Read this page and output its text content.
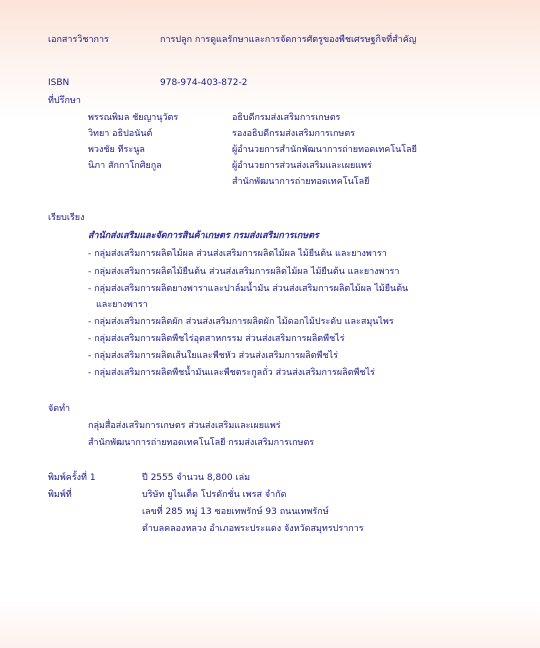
เอกสารวิชาการ	การปลูก การดูแลรักษาและการจัดการศัตรูของพืชเศรษฐกิจที่สำคัญ
ISBN	978-974-403-872-2
ที่ปรึกษา
พรรณพิมล ชัยญานุวัตร	อธิบดีกรมส่งเสริมการเกษตร
วิทยา อธิปอนันต์	รองอธิบดีกรมส่งเสริมการเกษตร
พวงชัย ทีระนูล	ผู้อำนวยการสำนักพัฒนาการถ่ายทอดเทคโนโลยี
นิภา สักกาโกศิยกูล	ผู้อำนวยการส่วนส่งเสริมและเผยแพร่
สำนักพัฒนาการถ่ายทอดเทคโนโลยี
เรียบเรียง
สำนักส่งเสริมและจัดการสินค้าเกษตร กรมส่งเสริมการเกษตร
- กลุ่มส่งเสริมการผลิตไม้ผล ส่วนส่งเสริมการผลิตไม้ผล ไม้ยืนต้น และยางพารา
- กลุ่มส่งเสริมการผลิตไม้ยืนต้น ส่วนส่งเสริมการผลิตไม้ผล ไม้ยืนต้น และยางพารา
- กลุ่มส่งเสริมการผลิตยางพาราและปาล์มน้ำมัน ส่วนส่งเสริมการผลิตไม้ผล ไม้ยืนต้น
และยางพารา
- กลุ่มส่งเสริมการผลิตผัก ส่วนส่งเสริมการผลิตผัก ไม้ดอกไม้ประดับ และสมุนไพร
- กลุ่มส่งเสริมการผลิตพืชไร่อุตสาหกรรม ส่วนส่งเสริมการผลิตพืชไร่
- กลุ่มส่งเสริมการผลิตเส้นใยและพืชหัว ส่วนส่งเสริมการผลิตพืชไร่
- กลุ่มส่งเสริมการผลิตพืชน้ำมันและพืชตระกูลถั่ว ส่วนส่งเสริมการผลิตพืชไร่
จัดทำ
กลุ่มสื่อส่งเสริมการเกษตร ส่วนส่งเสริมและเผยแพร่
สำนักพัฒนาการถ่ายทอดเทคโนโลยี กรมส่งเสริมการเกษตร
พิมพ์ครั้งที่ 1	ปี 2555 จำนวน 8,800 เล่ม
พิมพ์ที่	บริษัท ยูไนเต็ด โปรดักชั่น เพรส จำกัด
เลขที่ 285 หมู่ 13 ซอยเทพรักษ์ 93 ถนนเทพรักษ์
ตำบลคลองหลวง อำเภอพระประแดง จังหวัดสมุทรปราการ
